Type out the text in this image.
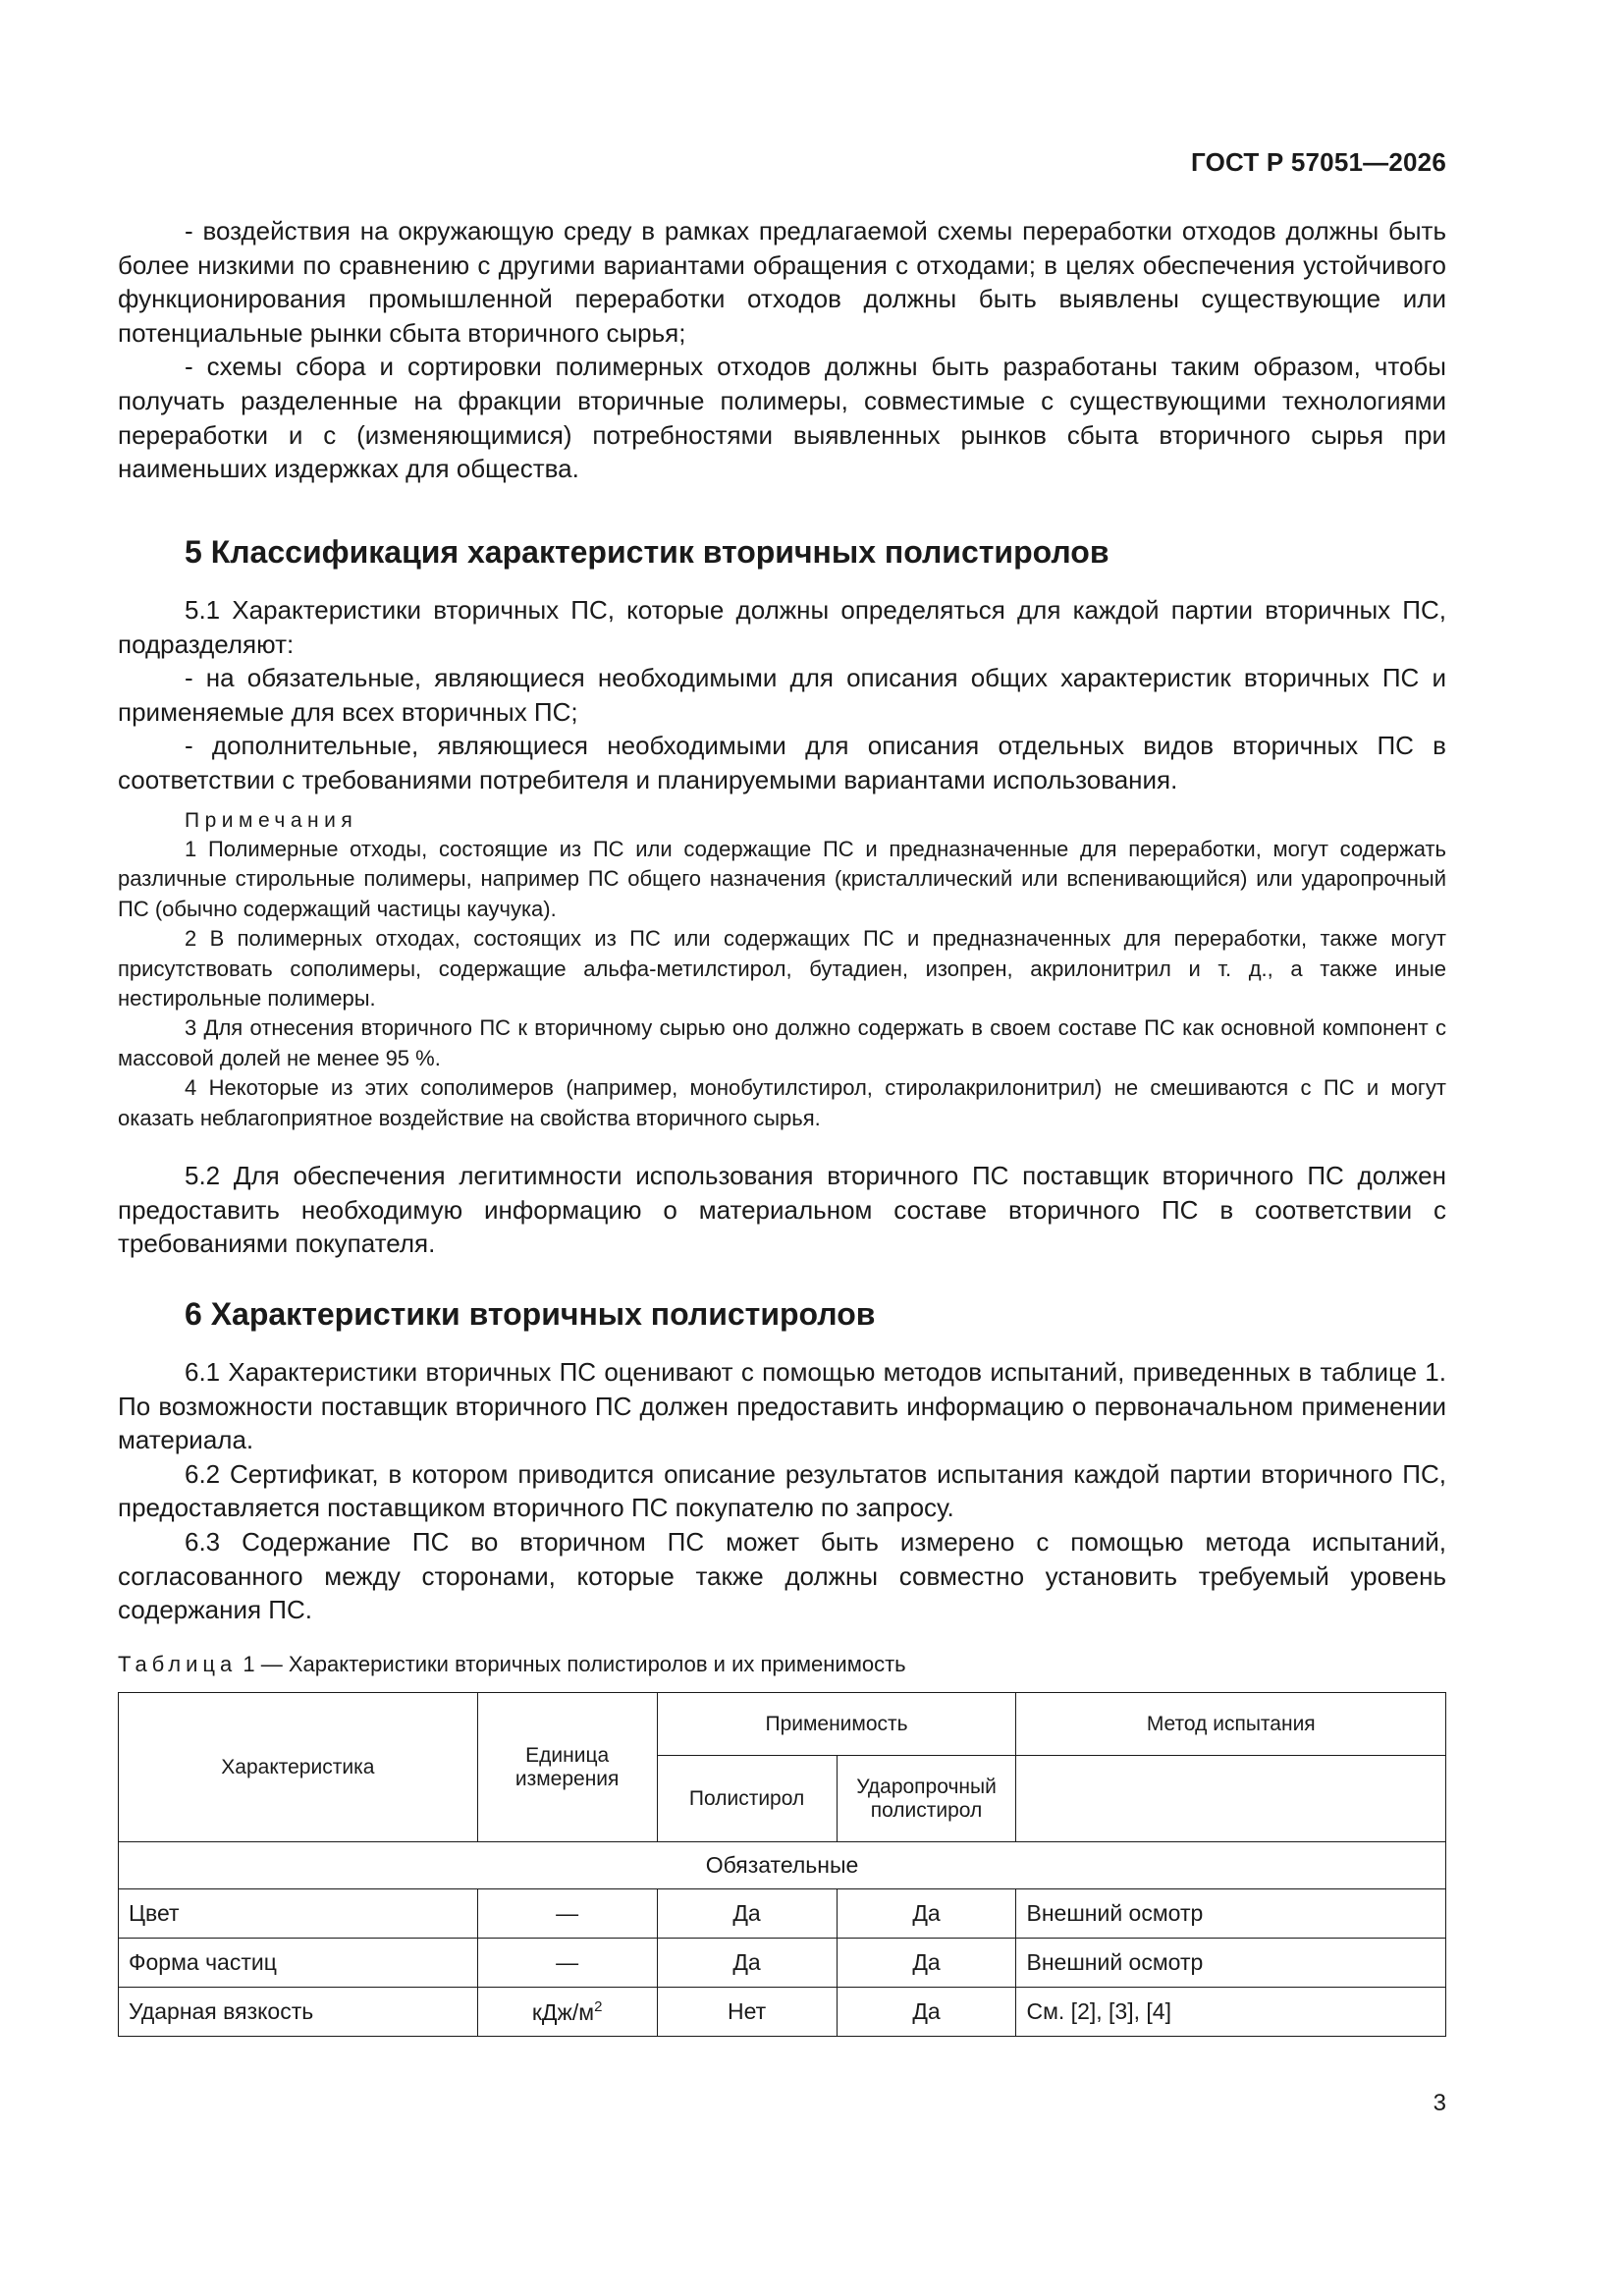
ГОСТ Р 57051—2026

- воздействия на окружающую среду в рамках предлагаемой схемы переработки отходов должны быть более низкими по сравнению с другими вариантами обращения с отходами; в целях обеспечения устойчивого функционирования промышленной переработки отходов должны быть выявлены существующие или потенциальные рынки сбыта вторичного сырья;

- схемы сбора и сортировки полимерных отходов должны быть разработаны таким образом, чтобы получать разделенные на фракции вторичные полимеры, совместимые с существующими технологиями переработки и с (изменяющимися) потребностями выявленных рынков сбыта вторичного сырья при наименьших издержках для общества.

5 Классификация характеристик вторичных полистиролов

5.1 Характеристики вторичных ПС, которые должны определяться для каждой партии вторичных ПС, подразделяют:

- на обязательные, являющиеся необходимыми для описания общих характеристик вторичных ПС и применяемые для всех вторичных ПС;

- дополнительные, являющиеся необходимыми для описания отдельных видов вторичных ПС в соответствии с требованиями потребителя и планируемыми вариантами использования.

Примечания

1 Полимерные отходы, состоящие из ПС или содержащие ПС и предназначенные для переработки, могут содержать различные стирольные полимеры, например ПС общего назначения (кристаллический или вспенивающийся) или ударопрочный ПС (обычно содержащий частицы каучука).

2 В полимерных отходах, состоящих из ПС или содержащих ПС и предназначенных для переработки, также могут присутствовать сополимеры, содержащие альфа-метилстирол, бутадиен, изопрен, акрилонитрил и т. д., а также иные нестирольные полимеры.

3 Для отнесения вторичного ПС к вторичному сырью оно должно содержать в своем составе ПС как основной компонент с массовой долей не менее 95 %.

4 Некоторые из этих сополимеров (например, монобутилстирол, стиролакрилонитрил) не смешиваются с ПС и могут оказать неблагоприятное воздействие на свойства вторичного сырья.

5.2 Для обеспечения легитимности использования вторичного ПС поставщик вторичного ПС должен предоставить необходимую информацию о материальном составе вторичного ПС в соответствии с требованиями покупателя.

6 Характеристики вторичных полистиролов

6.1 Характеристики вторичных ПС оценивают с помощью методов испытаний, приведенных в таблице 1. По возможности поставщик вторичного ПС должен предоставить информацию о первоначальном применении материала.

6.2 Сертификат, в котором приводится описание результатов испытания каждой партии вторичного ПС, предоставляется поставщиком вторичного ПС покупателю по запросу.

6.3 Содержание ПС во вторичном ПС может быть измерено с помощью метода испытаний, согласованного между сторонами, которые также должны совместно установить требуемый уровень содержания ПС.

Таблица 1 — Характеристики вторичных полистиролов и их применимость

Характеристика	Единица измерения	Применимость		Метод испытания
		Полистирол	Ударопрочный полистирол	
Обязательные				
Цвет	—	Да	Да	Внешний осмотр
Форма частиц	—	Да	Да	Внешний осмотр
Ударная вязкость	кДж/$м^2$	Нет	Да	См. [2], [3], [4]
3
